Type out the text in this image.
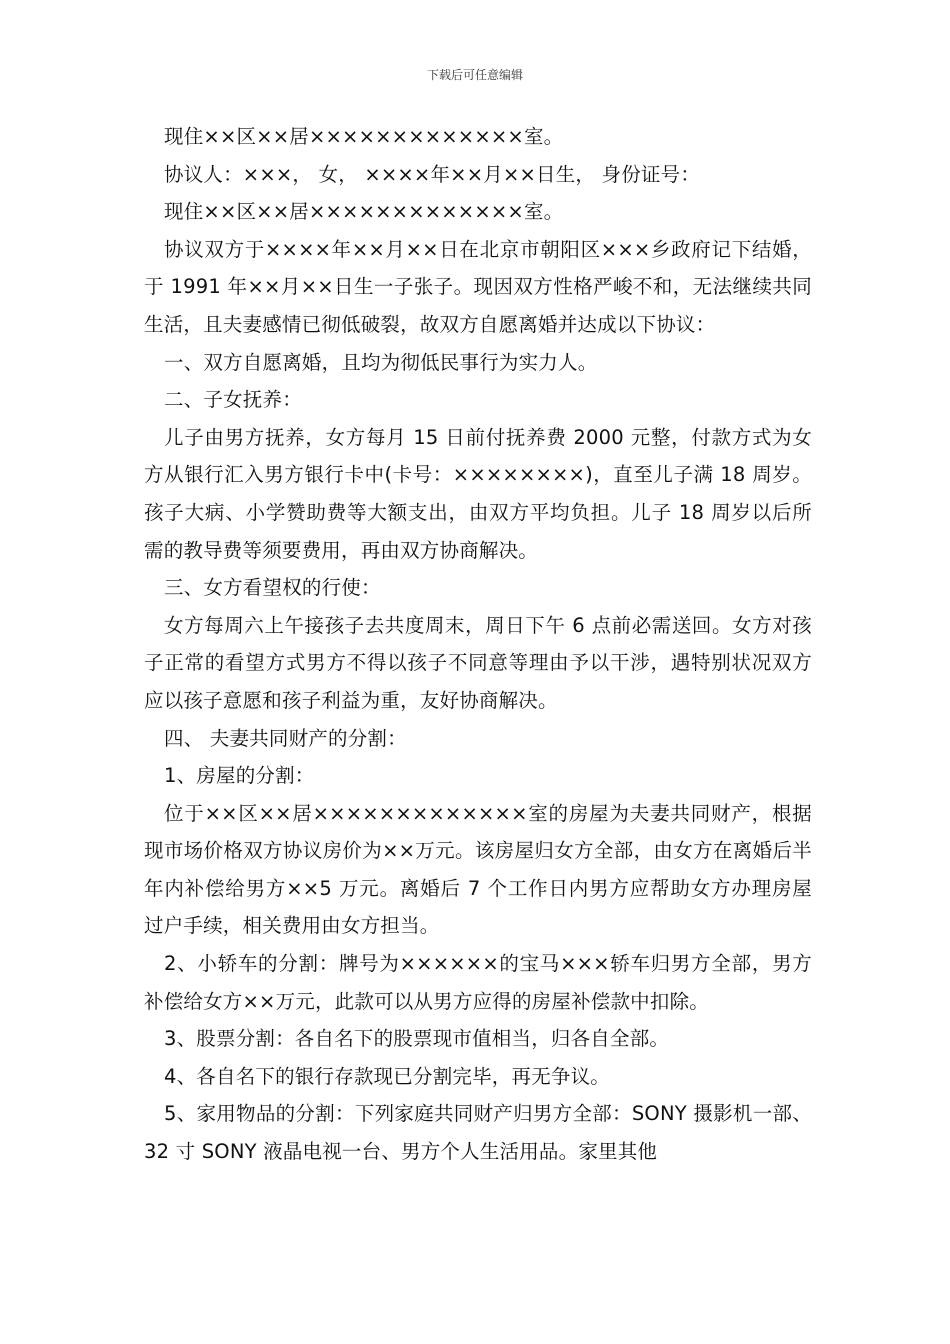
下载后可任意编辑

现住××区××居×××××××××××××室。

协议人：×××， 女， ××××年××月××日生， 身份证号：

现住××区××居×××××××××××××室。

协议双方于××××年××月××日在北京市朝阳区×××乡政府记下结婚，于 1991 年××月××日生一子张子。现因双方性格严峻不和，无法继续共同生活，且夫妻感情已彻低破裂，故双方自愿离婚并达成以下协议：

一、双方自愿离婚，且均为彻低民事行为实力人。

二、子女抚养：

儿子由男方抚养，女方每月 15 日前付抚养费 2000 元整，付款方式为女方从银行汇入男方银行卡中(卡号：××××××××)，直至儿子满 18 周岁。孩子大病、小学赞助费等大额支出，由双方平均负担。儿子 18 周岁以后所需的教导费等须要费用，再由双方协商解决。

三、女方看望权的行使：

女方每周六上午接孩子去共度周末，周日下午 6 点前必需送回。女方对孩子正常的看望方式男方不得以孩子不同意等理由予以干涉，遇特别状况双方应以孩子意愿和孩子利益为重，友好协商解决。

四、 夫妻共同财产的分割：

1、房屋的分割：

位于××区××居×××××××××××××室的房屋为夫妻共同财产，根据现市场价格双方协议房价为××万元。该房屋归女方全部，由女方在离婚后半年内补偿给男方××5 万元。离婚后 7 个工作日内男方应帮助女方办理房屋过户手续，相关费用由女方担当。

2、小轿车的分割：牌号为××××××的宝马×××轿车归男方全部，男方补偿给女方××万元，此款可以从男方应得的房屋补偿款中扣除。

3、股票分割：各自名下的股票现市值相当，归各自全部。

4、各自名下的银行存款现已分割完毕，再无争议。

5、家用物品的分割：下列家庭共同财产归男方全部：SONY 摄影机一部、32 寸 SONY 液晶电视一台、男方个人生活用品。家里其他
